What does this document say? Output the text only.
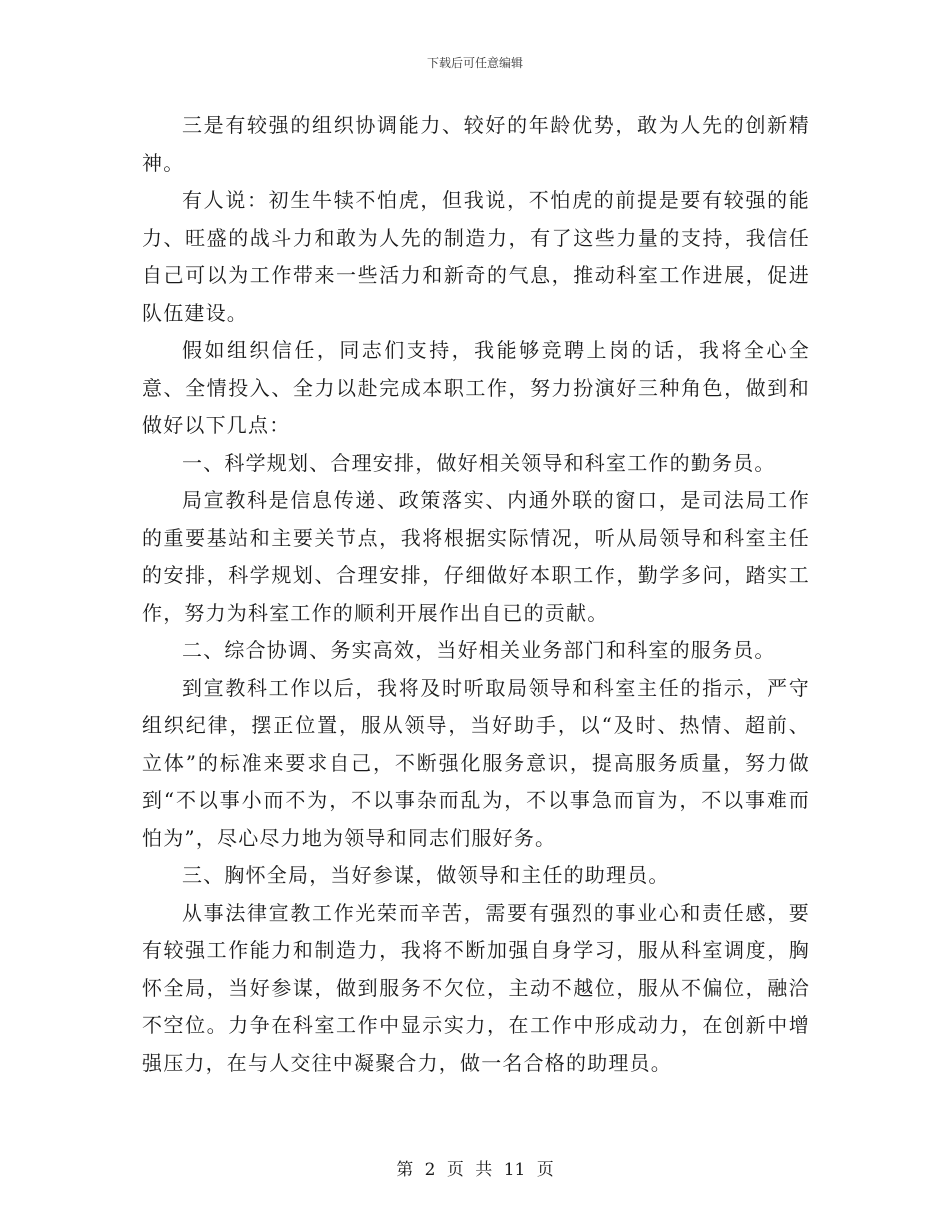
下载后可任意编辑

三是有较强的组织协调能力、较好的年龄优势，敢为人先的创新精神。

有人说：初生牛犊不怕虎，但我说，不怕虎的前提是要有较强的能力、旺盛的战斗力和敢为人先的制造力，有了这些力量的支持，我信任自己可以为工作带来一些活力和新奇的气息，推动科室工作进展，促进队伍建设。

假如组织信任，同志们支持，我能够竞聘上岗的话，我将全心全意、全情投入、全力以赴完成本职工作，努力扮演好三种角色，做到和做好以下几点：

一、科学规划、合理安排，做好相关领导和科室工作的勤务员。

局宣教科是信息传递、政策落实、内通外联的窗口，是司法局工作的重要基站和主要关节点，我将根据实际情况，听从局领导和科室主任的安排，科学规划、合理安排，仔细做好本职工作，勤学多问，踏实工作，努力为科室工作的顺利开展作出自已的贡献。

二、综合协调、务实高效，当好相关业务部门和科室的服务员。

到宣教科工作以后，我将及时听取局领导和科室主任的指示，严守组织纪律，摆正位置，服从领导，当好助手，以“及时、热情、超前、立体”的标准来要求自己，不断强化服务意识，提高服务质量，努力做到“不以事小而不为，不以事杂而乱为，不以事急而盲为，不以事难而怕为”，尽心尽力地为领导和同志们服好务。

三、胸怀全局，当好参谋，做领导和主任的助理员。

从事法律宣教工作光荣而辛苦，需要有强烈的事业心和责任感，要有较强工作能力和制造力，我将不断加强自身学习，服从科室调度，胸怀全局，当好参谋，做到服务不欠位，主动不越位，服从不偏位，融洽不空位。力争在科室工作中显示实力，在工作中形成动力，在创新中增强压力，在与人交往中凝聚合力，做一名合格的助理员。

第 2 页 共 11 页
